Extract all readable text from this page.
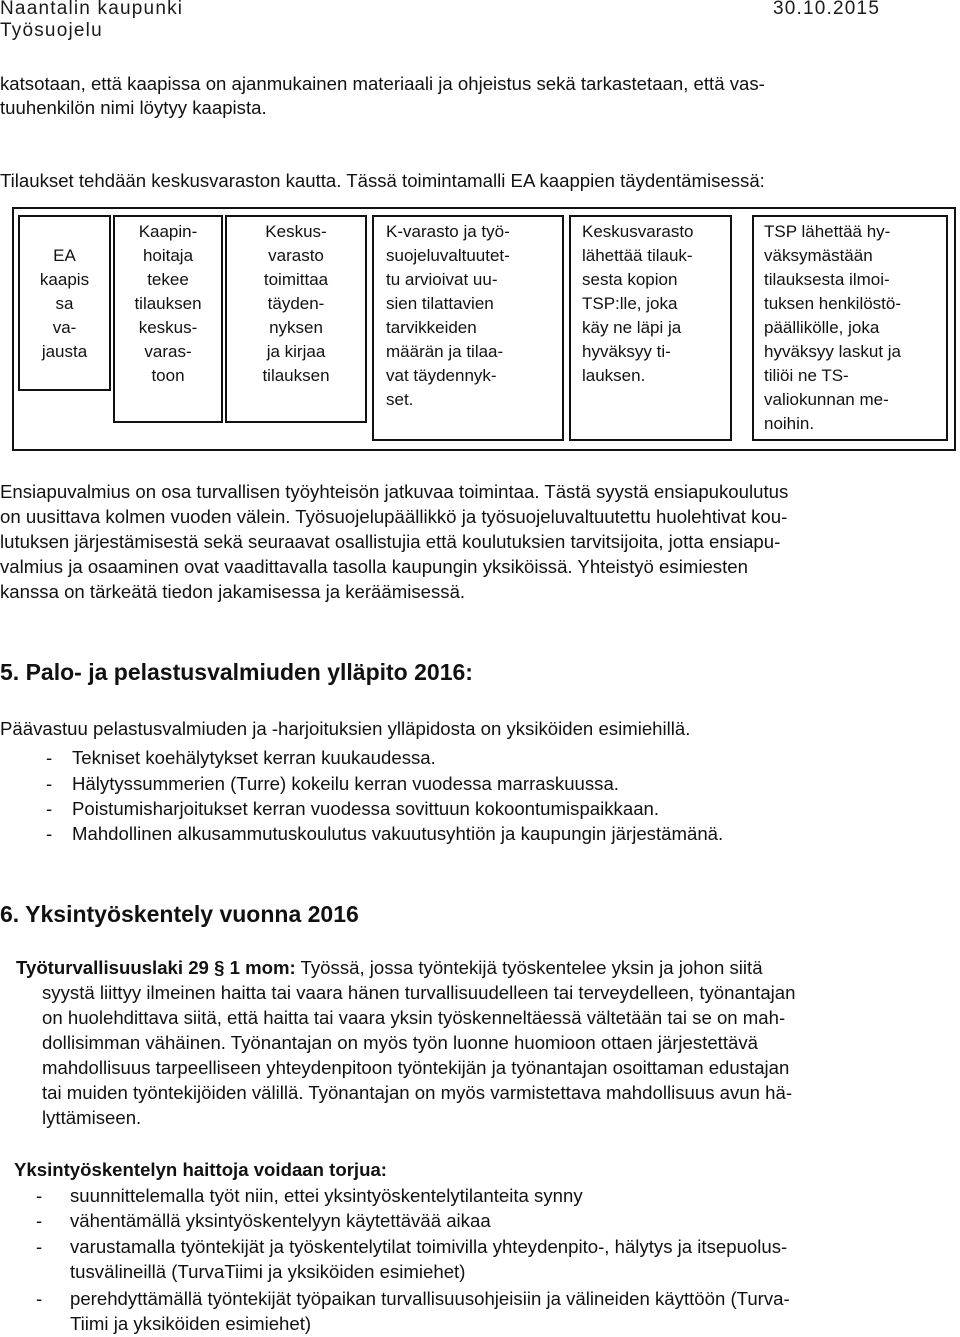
Naantalin kaupunki	30.10.2015
Työsuojelu
katsotaan, että kaapissa on ajanmukainen materiaali ja ohjeistus sekä tarkastetaan, että vas-
tuuhenkilön nimi löytyy kaapista.
Tilaukset tehdään keskusvaraston kautta. Tässä toimintamalli EA kaappien täydentämisessä:
EA
kaapis
sa
va-
jausta
Kaapin-
hoitaja
tekee
tilauksen
keskus-
varas-
toon
Keskus-
varasto
toimittaa
täyden-
nyksen
ja kirjaa
tilauksen
K-varasto ja työ-
suojeluvaltuutet-
tu arvioivat uu-
sien tilattavien
tarvikkeiden
määrän ja tilaa-
vat täydennyk-
set.
Keskusvarasto
lähettää tilauk-
sesta kopion
TSP:lle, joka
käy ne läpi ja
hyväksyy ti-
lauksen.
TSP lähettää hy-
väksymästään
tilauksesta ilmoi-
tuksen henkilöstö-
päällikölle, joka
hyväksyy laskut ja
tiliöi ne TS-
valiokunnan me-
noihin.
Ensiapuvalmius on osa turvallisen työyhteisön jatkuvaa toimintaa. Tästä syystä ensiapukoulutus
on uusittava kolmen vuoden välein. Työsuojelupäällikkö ja työsuojeluvaltuutettu huolehtivat kou-
lutuksen järjestämisestä sekä seuraavat osallistujia että koulutuksien tarvitsijoita, jotta ensiapu-
valmius ja osaaminen ovat vaadittavalla tasolla kaupungin yksiköissä. Yhteistyö esimiesten
kanssa on tärkeätä tiedon jakamisessa ja keräämisessä.
5. Palo- ja pelastusvalmiuden ylläpito 2016:
Päävastuu pelastusvalmiuden ja -harjoituksien ylläpidosta on yksiköiden esimiehillä.
- Tekniset koehälytykset kerran kuukaudessa.
- Hälytyssummerien (Turre) kokeilu kerran vuodessa marraskuussa.
- Poistumisharjoitukset kerran vuodessa sovittuun kokoontumispaikkaan.
- Mahdollinen alkusammutuskoulutus vakuutusyhtiön ja kaupungin järjestämänä.
6. Yksintyöskentely vuonna 2016
Työturvallisuuslaki 29 § 1 mom: Työssä, jossa työntekijä työskentelee yksin ja johon siitä
syystä liittyy ilmeinen haitta tai vaara hänen turvallisuudelleen tai terveydelleen, työnantajan
on huolehdittava siitä, että haitta tai vaara yksin työskenneltäessä vältetään tai se on mah-
dollisimman vähäinen. Työnantajan on myös työn luonne huomioon ottaen järjestettävä
mahdollisuus tarpeelliseen yhteydenpitoon työntekijän ja työnantajan osoittaman edustajan
tai muiden työntekijöiden välillä. Työnantajan on myös varmistettava mahdollisuus avun hä-
lyttämiseen.
Yksintyöskentelyn haittoja voidaan torjua:
- suunnittelemalla työt niin, ettei yksintyöskentelytilanteita synny
- vähentämällä yksintyöskentelyyn käytettävää aikaa
- varustamalla työntekijät ja työskentelytilat toimivilla yhteydenpito-, hälytys ja itsepuolus-
tusvälineillä (TurvaTiimi ja yksiköiden esimiehet)
- perehdyttämällä työntekijät työpaikan turvallisuusohjeisiin ja välineiden käyttöön (Turva-
Tiimi ja yksiköiden esimiehet)
